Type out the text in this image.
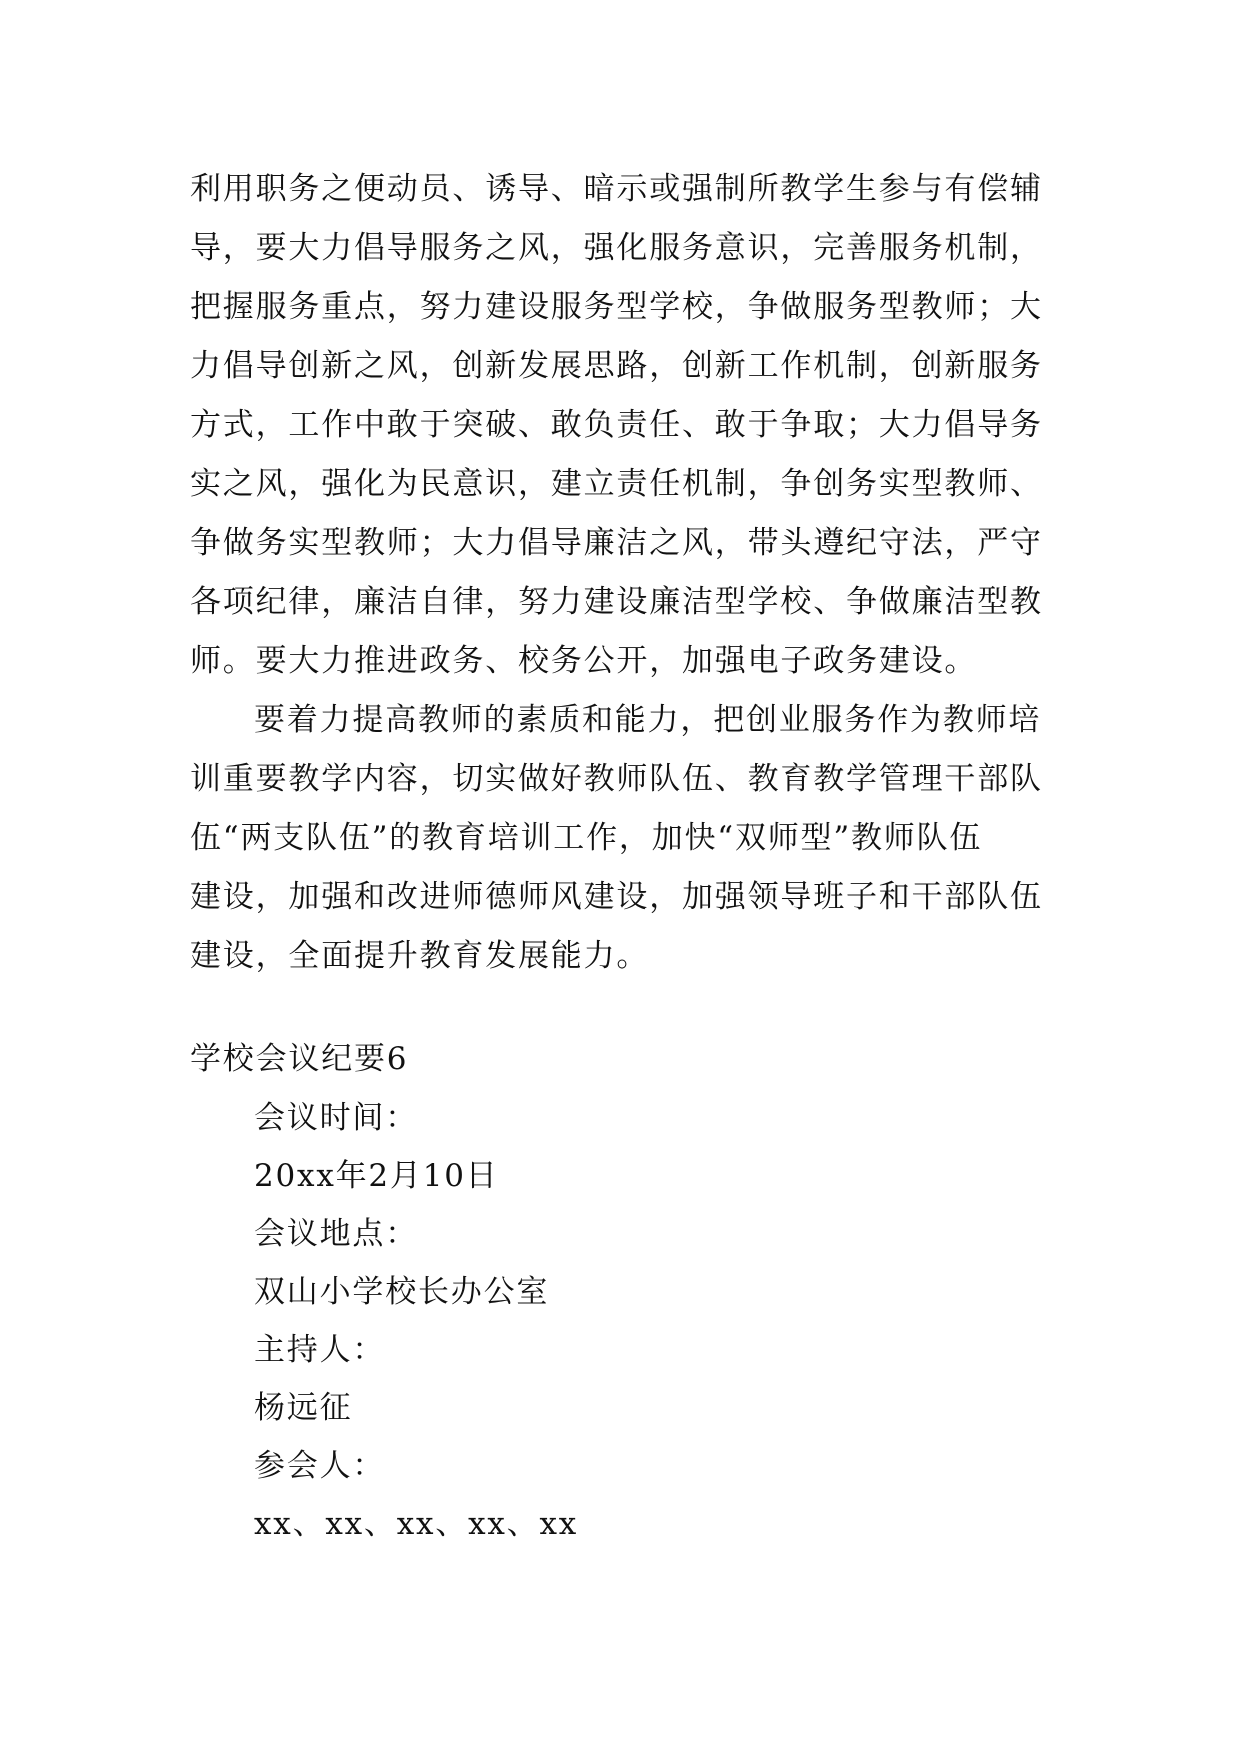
利用职务之便动员、诱导、暗示或强制所教学生参与有偿辅
导，要大力倡导服务之风，强化服务意识，完善服务机制，
把握服务重点，努力建设服务型学校，争做服务型教师；大
力倡导创新之风，创新发展思路，创新工作机制，创新服务
方式，工作中敢于突破、敢负责任、敢于争取；大力倡导务
实之风，强化为民意识，建立责任机制，争创务实型教师、
争做务实型教师；大力倡导廉洁之风，带头遵纪守法，严守
各项纪律，廉洁自律，努力建设廉洁型学校、争做廉洁型教
师。要大力推进政务、校务公开，加强电子政务建设。
要着力提高教师的素质和能力，把创业服务作为教师培
训重要教学内容，切实做好教师队伍、教育教学管理干部队
伍“两支队伍”的教育培训工作，加快“双师型”教师队伍
建设，加强和改进师德师风建设，加强领导班子和干部队伍
建设，全面提升教育发展能力。
学校会议纪要6
会议时间：
20xx年2月10日
会议地点：
双山小学校长办公室
主持人：
杨远征
参会人：
xx、xx、xx、xx、xx
